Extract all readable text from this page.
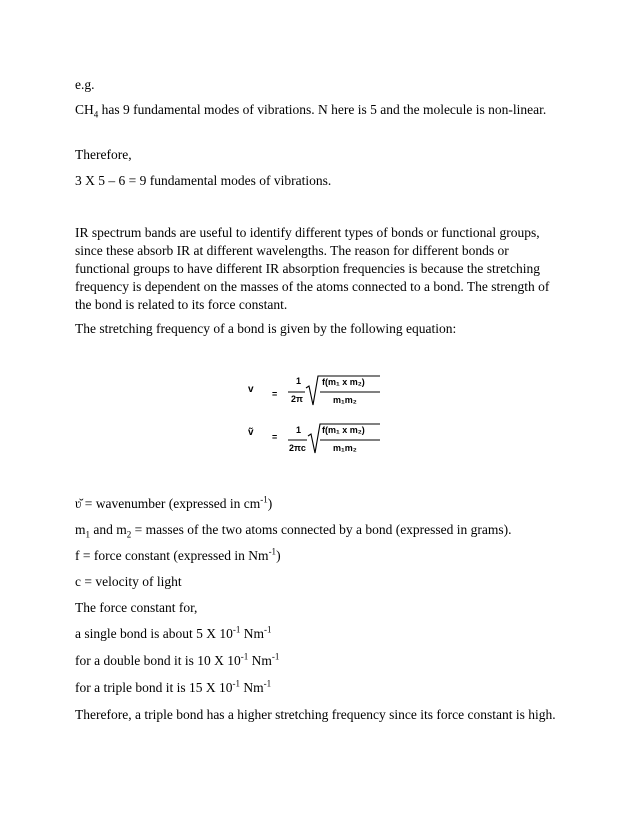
e.g.

$CH_4$ has 9 fundamental modes of vibrations. N here is 5 and the molecule is non-linear.

Therefore,

3 X 5 – 6 = 9 fundamental modes of vibrations.

IR spectrum bands are useful to identify different types of bonds or functional groups, since these absorb IR at different wavelengths. The reason for different bonds or functional groups to have different IR absorption frequencies is because the stretching frequency is dependent on the masses of the atoms connected to a bond. The strength of the bond is related to its force constant.

The stretching frequency of a bond is given by the following equation:

v =
1
2π
f(m₁ x m₂)
m₁m₂
ṽ =
1
2πc
f(m₁ x m₂)
m₁m₂

ʋ̆ = wavenumber (expressed in $cm^{-1}$)

$m_1$ and $m_2$ = masses of the two atoms connected by a bond (expressed in grams).

f = force constant (expressed in $Nm^{-1}$)

c = velocity of light

The force constant for,

a single bond is about 5 X $10^{-1}$ $Nm^{-1}$

for a double bond it is 10 X $10^{-1}$ $Nm^{-1}$

for a triple bond it is 15 X $10^{-1}$ $Nm^{-1}$

Therefore, a triple bond has a higher stretching frequency since its force constant is high.
